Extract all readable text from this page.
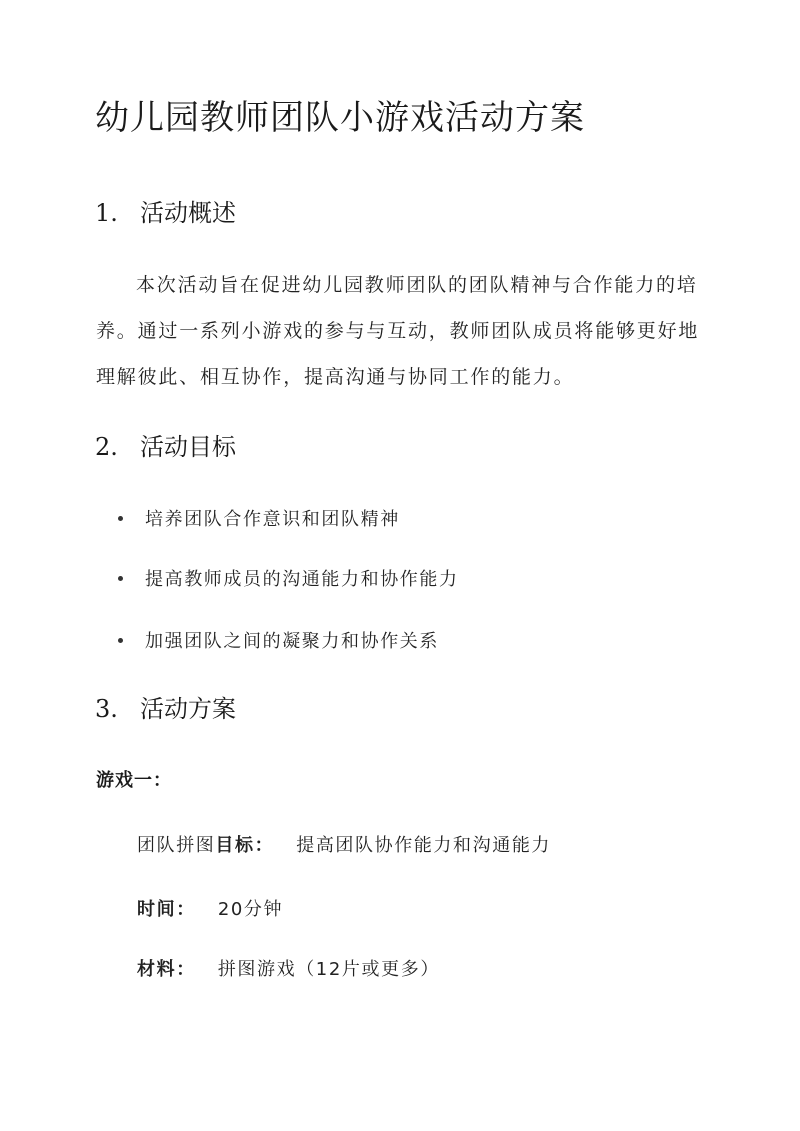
幼儿园教师团队小游戏活动方案
1. 活动概述
本次活动旨在促进幼儿园教师团队的团队精神与合作能力的培养。通过一系列小游戏的参与与互动，教师团队成员将能够更好地理解彼此、相互协作，提高沟通与协同工作的能力。
2. 活动目标
培养团队合作意识和团队精神
提高教师成员的沟通能力和协作能力
加强团队之间的凝聚力和协作关系
3. 活动方案
游戏一：
团队拼图目标： 提高团队协作能力和沟通能力
时间： 20分钟
材料： 拼图游戏（12片或更多）
